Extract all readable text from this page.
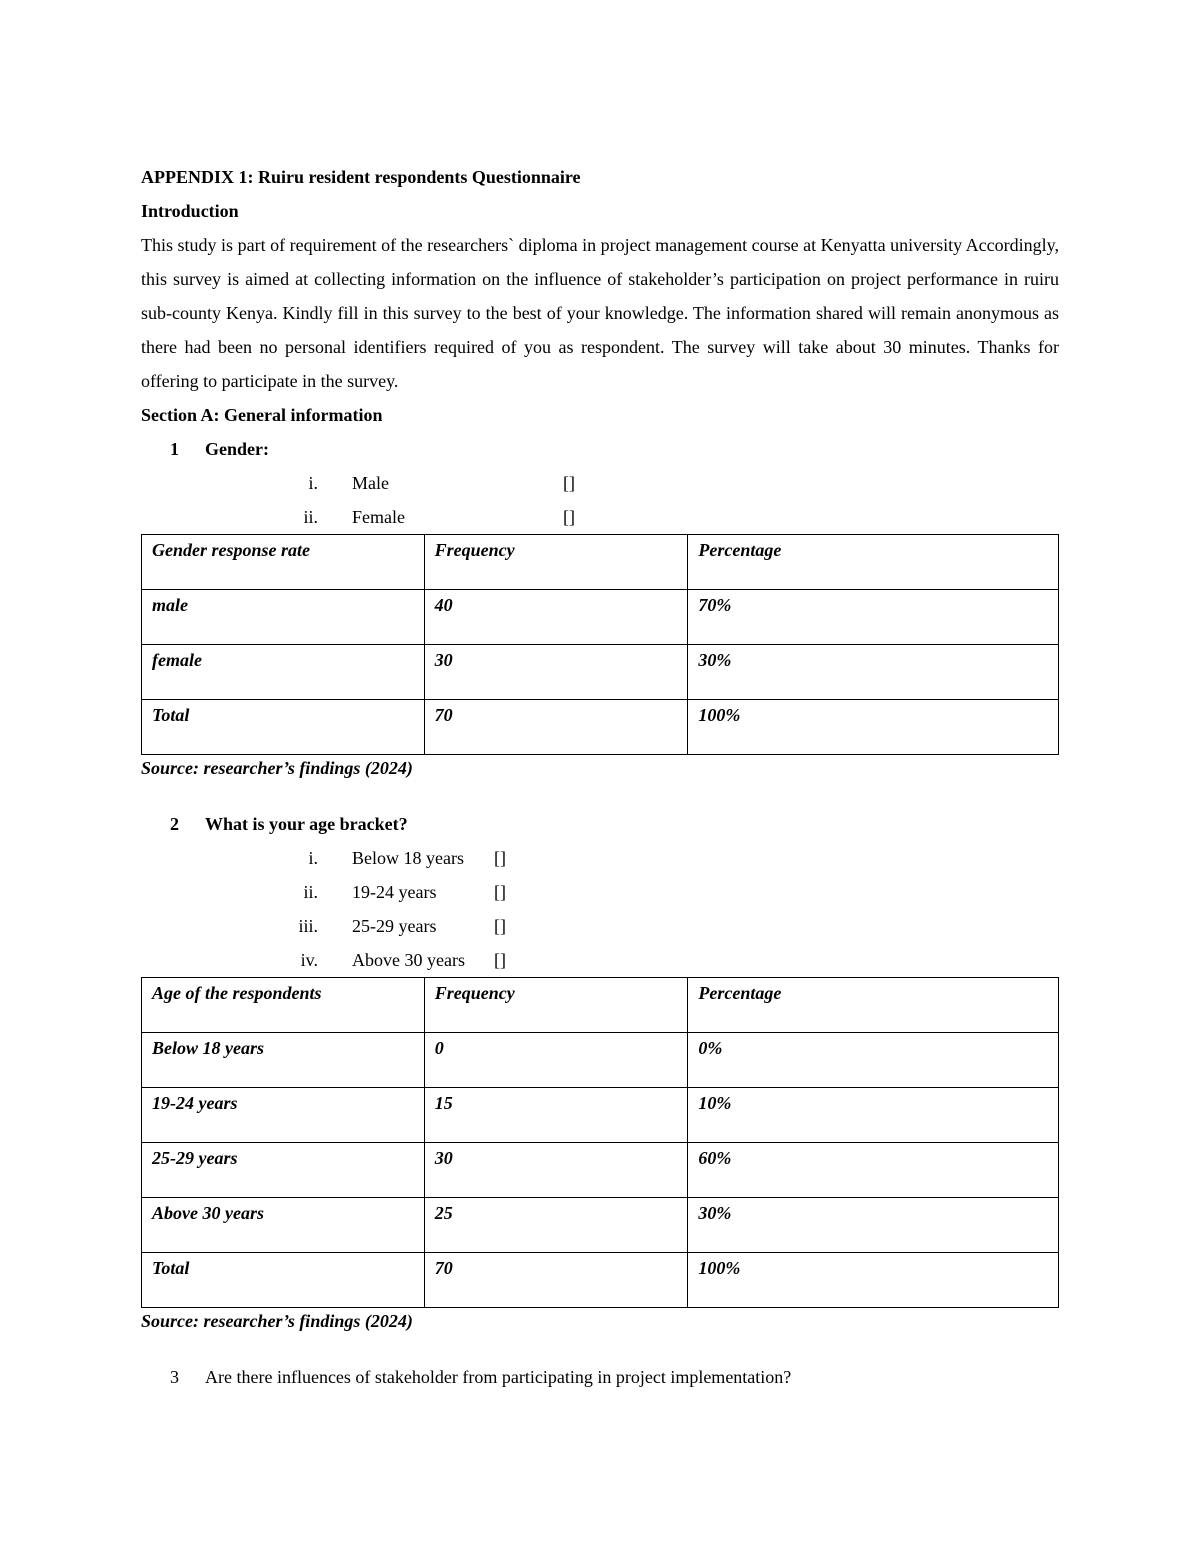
APPENDIX 1: Ruiru resident respondents Questionnaire
Introduction
This study is part of requirement of the researchers` diploma in project management course at Kenyatta university Accordingly, this survey is aimed at collecting information on the influence of stakeholder’s participation on project performance in ruiru sub-county Kenya. Kindly fill in this survey to the best of your knowledge. The information shared will remain anonymous as there had been no personal identifiers required of you as respondent. The survey will take about 30 minutes. Thanks for offering to participate in the survey.
Section A: General information
1 Gender:
i. Male	[]
ii. Female	[]
Gender response rate	Frequency	Percentage
male	40	70%
female	30	30%
Total	70	100%
Source: researcher’s findings (2024)
2 What is your age bracket?
i. Below 18 years []
ii. 19-24 years	[]
iii. 25-29 years	[]
iv. Above 30 years []
Age of the respondents	Frequency	Percentage
Below 18 years	0	0%
19-24 years	15	10%
25-29 years	30	60%
Above 30 years	25	30%
Total	70	100%
Source: researcher’s findings (2024)
3 Are there influences of stakeholder from participating in project implementation?
